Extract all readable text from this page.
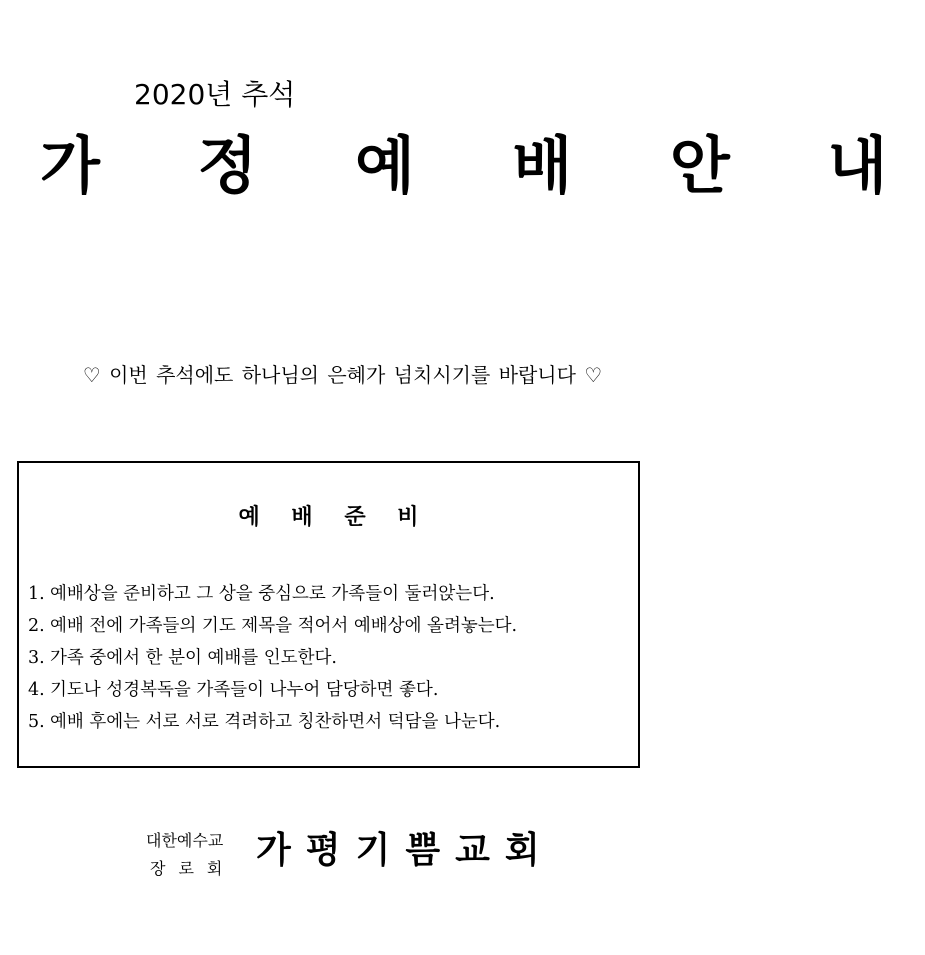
2020년 추석
가 정 예 배 안 내
♡ 이번 추석에도 하나님의 은혜가 넘치시기를 바랍니다 ♡
예 배 준 비
1. 예배상을 준비하고 그 상을 중심으로 가족들이 둘러앉는다.
2. 예배 전에 가족들의 기도 제목을 적어서 예배상에 올려놓는다.
3. 가족 중에서 한 분이 예배를 인도한다.
4. 기도나 성경복독을 가족들이 나누어 담당하면 좋다.
5. 예배 후에는 서로 서로 격려하고 칭찬하면서 덕담을 나눈다.
대한예수교
장로회 가평기쁨교회
